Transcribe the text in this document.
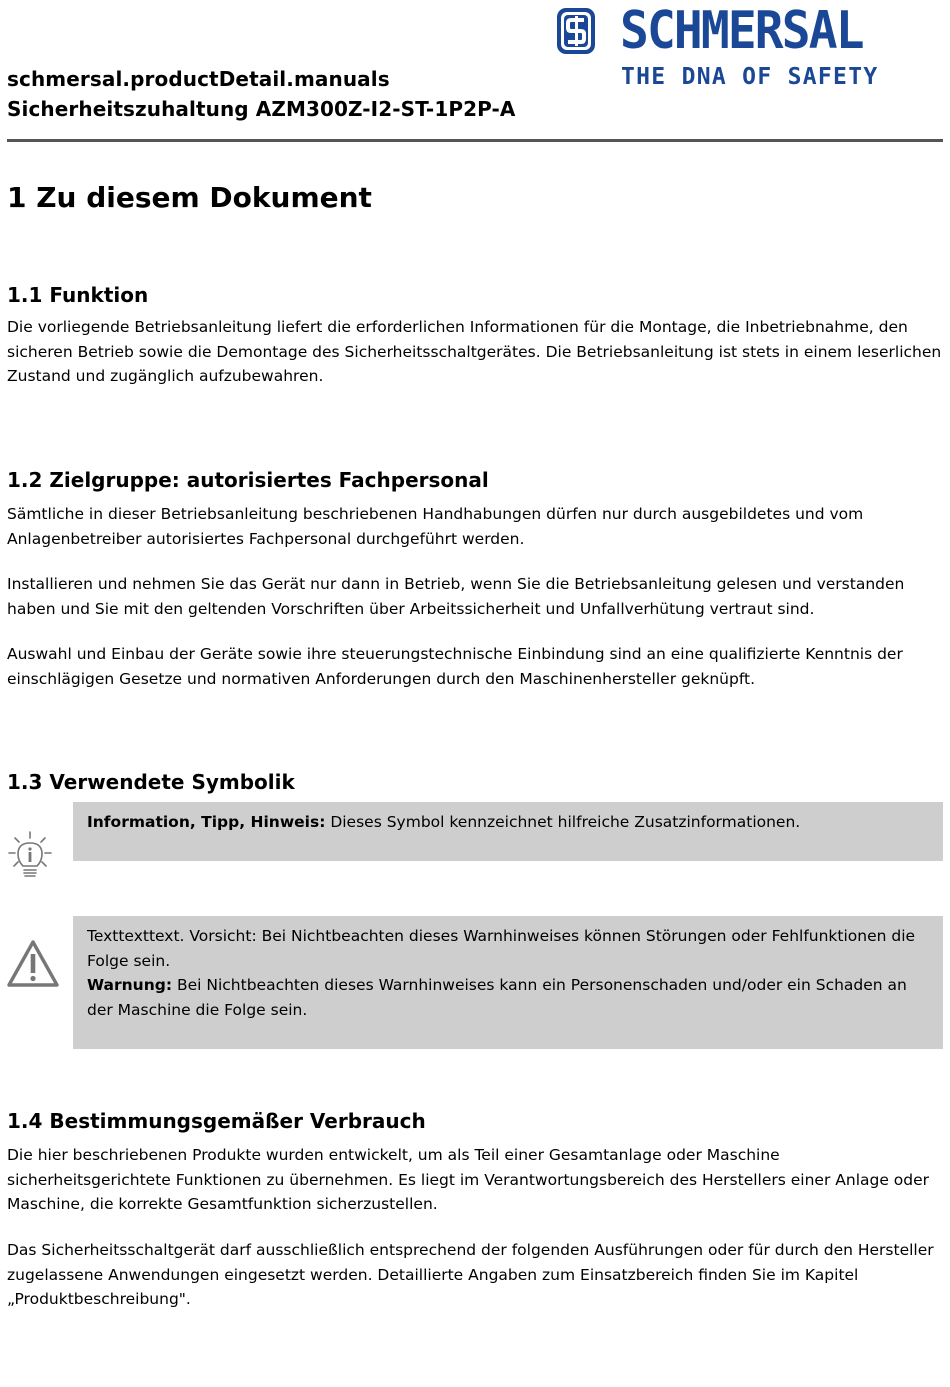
schmersal.productDetail.manuals
Sicherheitszuhaltung AZM300Z-I2-ST-1P2P-A
SCHMERSAL
THE DNA OF SAFETY
1 Zu diesem Dokument
1.1 Funktion

Die vorliegende Betriebsanleitung liefert die erforderlichen Informationen für die Montage, die Inbetriebnahme, den sicheren Betrieb sowie die Demontage des Sicherheitsschaltgerätes. Die Betriebsanleitung ist stets in einem leserlichen Zustand und zugänglich aufzubewahren.

1.2 Zielgruppe: autorisiertes Fachpersonal

Sämtliche in dieser Betriebsanleitung beschriebenen Handhabungen dürfen nur durch ausgebildetes und vom Anlagenbetreiber autorisiertes Fachpersonal durchgeführt werden.

Installieren und nehmen Sie das Gerät nur dann in Betrieb, wenn Sie die Betriebsanleitung gelesen und verstanden haben und Sie mit den geltenden Vorschriften über Arbeitssicherheit und Unfallverhütung vertraut sind.

Auswahl und Einbau der Geräte sowie ihre steuerungstechnische Einbindung sind an eine qualifizierte Kenntnis der einschlägigen Gesetze und normativen Anforderungen durch den Maschinenhersteller geknüpft.

1.3 Verwendete Symbolik
Information, Tipp, Hinweis: Dieses Symbol kennzeichnet hilfreiche Zusatzinformationen.
Texttexttext. Vorsicht: Bei Nichtbeachten dieses Warnhinweises können Störungen oder Fehlfunktionen die Folge sein.
Warnung: Bei Nichtbeachten dieses Warnhinweises kann ein Personenschaden und/oder ein Schaden an der Maschine die Folge sein.
1.4 Bestimmungsgemäßer Verbrauch

Die hier beschriebenen Produkte wurden entwickelt, um als Teil einer Gesamtanlage oder Maschine sicherheitsgerichtete Funktionen zu übernehmen. Es liegt im Verantwortungsbereich des Herstellers einer Anlage oder Maschine, die korrekte Gesamtfunktion sicherzustellen.

Das Sicherheitsschaltgerät darf ausschließlich entsprechend der folgenden Ausführungen oder für durch den Hersteller zugelassene Anwendungen eingesetzt werden. Detaillierte Angaben zum Einsatzbereich finden Sie im Kapitel „Produktbeschreibung".
